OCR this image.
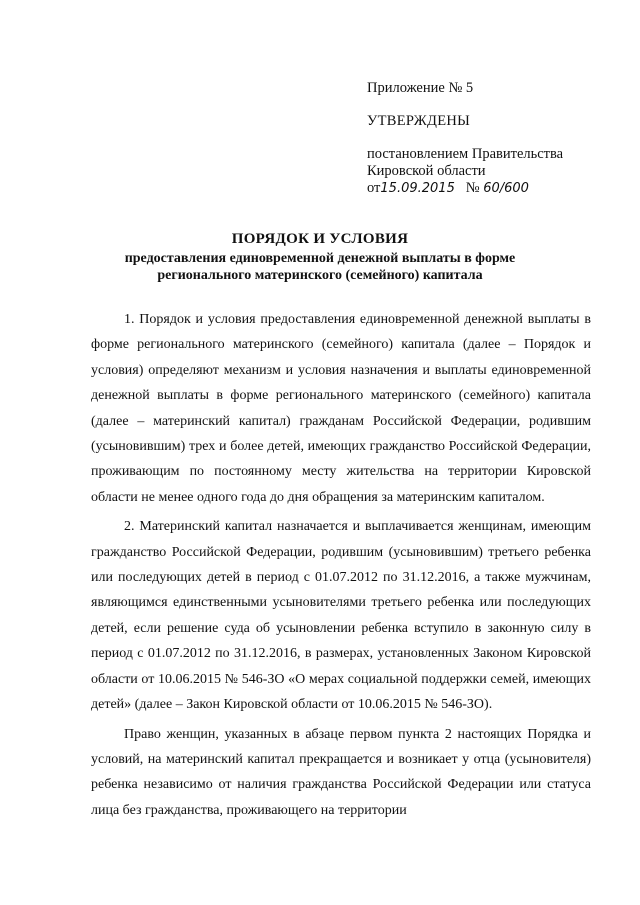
Приложение № 5
УТВЕРЖДЕНЫ
постановлением Правительства
Кировской области
от15.09.2015 № 60/600
ПОРЯДОК И УСЛОВИЯ
предоставления единовременной денежной выплаты в форме
регионального материнского (семейного) капитала

1. Порядок и условия предоставления единовременной денежной выплаты в форме регионального материнского (семейного) капитала (далее – Порядок и условия) определяют механизм и условия назначения и выплаты единовременной денежной выплаты в форме регионального материнского (семейного) капитала (далее – материнский капитал) гражданам Российской Федерации, родившим (усыновившим) трех и более детей, имеющих гражданство Российской Федерации, проживающим по постоянному месту жительства на территории Кировской области не менее одного года до дня обращения за материнским капиталом.

2. Материнский капитал назначается и выплачивается женщинам, имеющим гражданство Российской Федерации, родившим (усыновившим) третьего ребенка или последующих детей в период с 01.07.2012 по 31.12.2016, а также мужчинам, являющимся единственными усыновителями третьего ребенка или последующих детей, если решение суда об усыновлении ребенка вступило в законную силу в период с 01.07.2012 по 31.12.2016, в размерах, установленных Законом Кировской области от 10.06.2015 № 546-ЗО «О мерах социальной поддержки семей, имеющих детей» (далее – Закон Кировской области от 10.06.2015 № 546-ЗО).

Право женщин, указанных в абзаце первом пункта 2 настоящих Порядка и условий, на материнский капитал прекращается и возникает у отца (усыновителя) ребенка независимо от наличия гражданства Российской Федерации или статуса лица без гражданства, проживающего на территории
